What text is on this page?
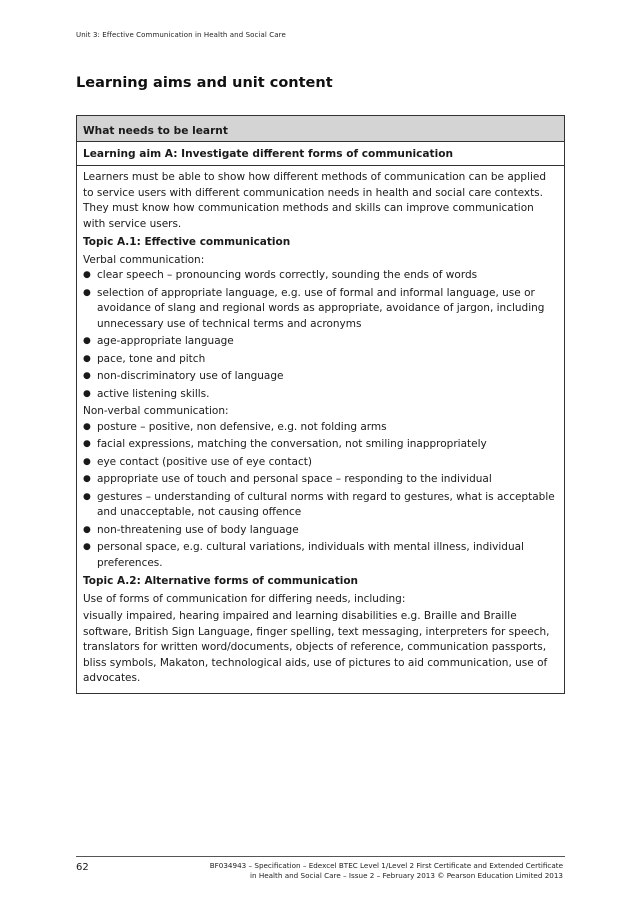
Unit 3: Effective Communication in Health and Social Care
Learning aims and unit content
What needs to be learnt
Learning aim A: Investigate different forms of communication

Learners must be able to show how different methods of communication can be applied to service users with different communication needs in health and social care contexts. They must know how communication methods and skills can improve communication with service users.

Topic A.1: Effective communication

Verbal communication:

● clear speech – pronouncing words correctly, sounding the ends of words
● selection of appropriate language, e.g. use of formal and informal language, use or avoidance of slang and regional words as appropriate, avoidance of jargon, including unnecessary use of technical terms and acronyms
● age-appropriate language
● pace, tone and pitch
● non-discriminatory use of language
● active listening skills.

Non-verbal communication:

● posture – positive, non defensive, e.g. not folding arms
● facial expressions, matching the conversation, not smiling inappropriately
● eye contact (positive use of eye contact)
● appropriate use of touch and personal space – responding to the individual
● gestures – understanding of cultural norms with regard to gestures, what is acceptable and unacceptable, not causing offence
● non-threatening use of body language
● personal space, e.g. cultural variations, individuals with mental illness, individual preferences.

Topic A.2: Alternative forms of communication

Use of forms of communication for differing needs, including:

visually impaired, hearing impaired and learning disabilities e.g. Braille and Braille software, British Sign Language, finger spelling, text messaging, interpreters for speech, translators for written word/documents, objects of reference, communication passports, bliss symbols, Makaton, technological aids, use of pictures to aid communication, use of advocates.

62	BF034943 – Specification – Edexcel BTEC Level 1/Level 2 First Certificate and Extended Certificate
in Health and Social Care – Issue 2 – February 2013 © Pearson Education Limited 2013
